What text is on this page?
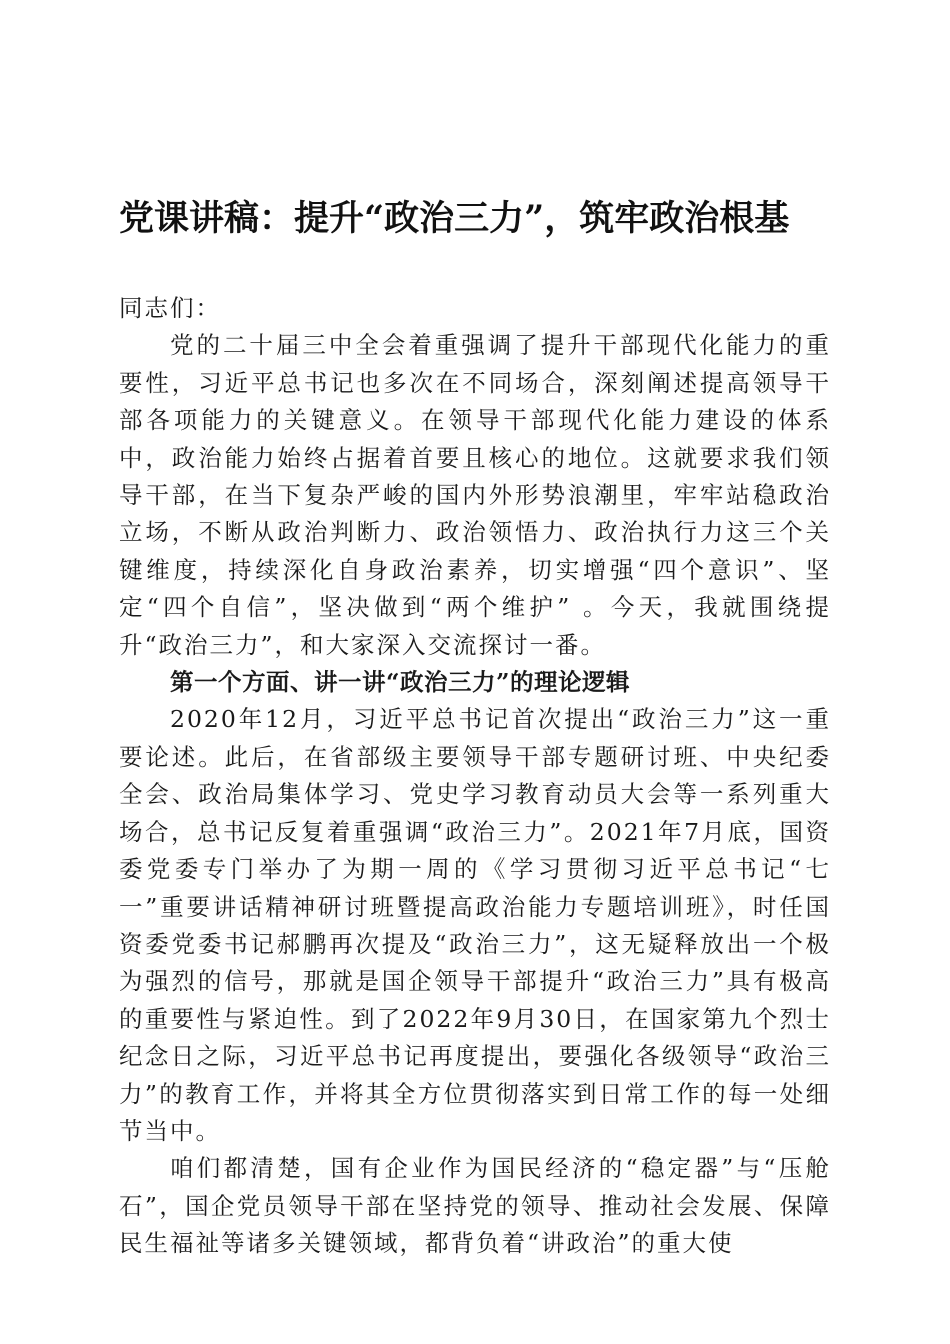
党课讲稿：提升“政治三力”，筑牢政治根基

同志们：

党的二十届三中全会着重强调了提升干部现代化能力的重要性，习近平总书记也多次在不同场合，深刻阐述提高领导干部各项能力的关键意义。在领导干部现代化能力建设的体系中，政治能力始终占据着首要且核心的地位。这就要求我们领导干部，在当下复杂严峻的国内外形势浪潮里，牢牢站稳政治立场，不断从政治判断力、政治领悟力、政治执行力这三个关键维度，持续深化自身政治素养，切实增强“四个意识”、坚定“四个自信”，坚决做到“两个维护” 。今天，我就围绕提升“政治三力”，和大家深入交流探讨一番。

第一个方面、讲一讲“政治三力”的理论逻辑

2020年12月，习近平总书记首次提出“政治三力”这一重要论述。此后，在省部级主要领导干部专题研讨班、中央纪委全会、政治局集体学习、党史学习教育动员大会等一系列重大场合，总书记反复着重强调“政治三力”。2021年7月底，国资委党委专门举办了为期一周的《学习贯彻习近平总书记“七一”重要讲话精神研讨班暨提高政治能力专题培训班》，时任国资委党委书记郝鹏再次提及“政治三力”，这无疑释放出一个极为强烈的信号，那就是国企领导干部提升“政治三力”具有极高的重要性与紧迫性。到了2022年9月30日，在国家第九个烈士纪念日之际，习近平总书记再度提出，要强化各级领导“政治三力”的教育工作，并将其全方位贯彻落实到日常工作的每一处细节当中。

咱们都清楚，国有企业作为国民经济的“稳定器”与“压舱石”，国企党员领导干部在坚持党的领导、推动社会发展、保障民生福祉等诸多关键领域，都背负着“讲政治”的重大使
